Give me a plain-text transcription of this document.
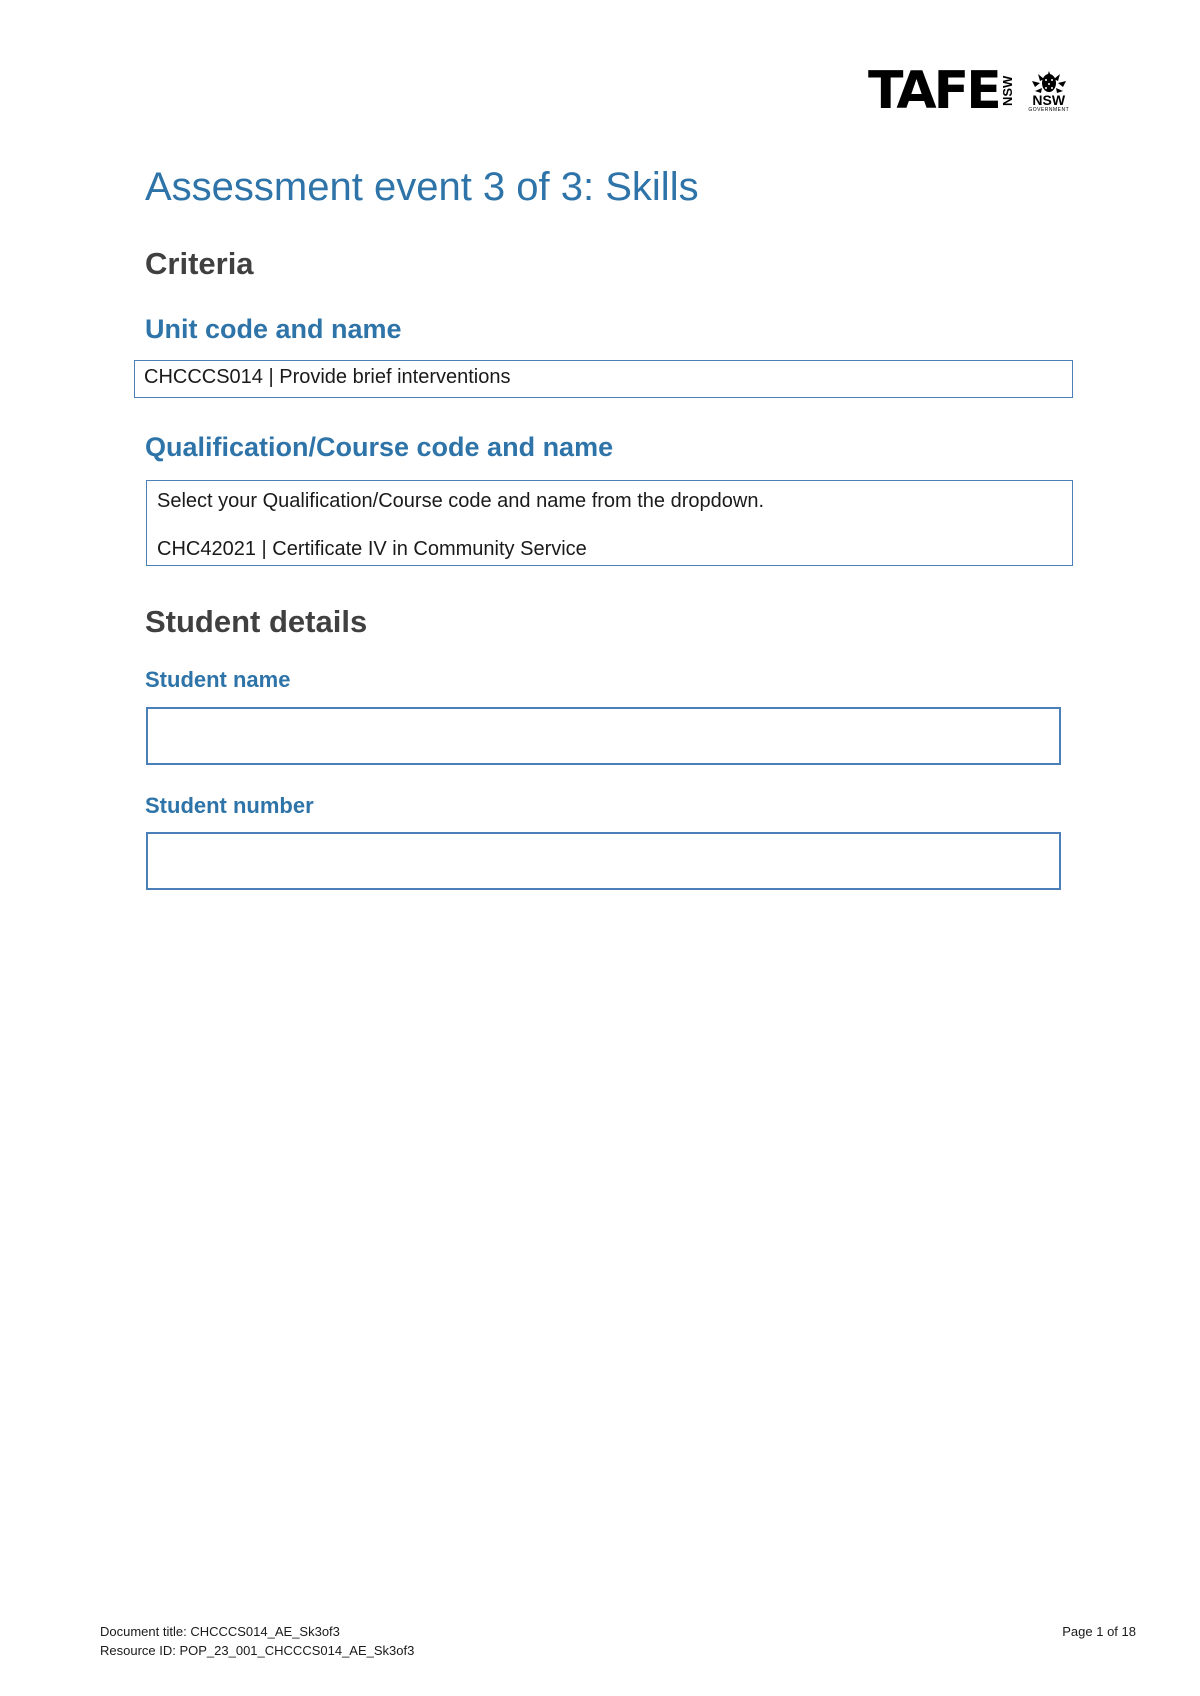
TAFE NSW NSW
GOVERNMENT
Assessment event 3 of 3: Skills
Criteria
Unit code and name
CHCCCS014 | Provide brief interventions
Qualification/Course code and name
Select your Qualification/Course code and name from the dropdown.
CHC42021 | Certificate IV in Community Service
Student details
Student name
Student number
Document title: CHCCCS014_AE_Sk3of3
Resource ID: POP_23_001_CHCCCS014_AE_Sk3of3
Page 1 of 18
